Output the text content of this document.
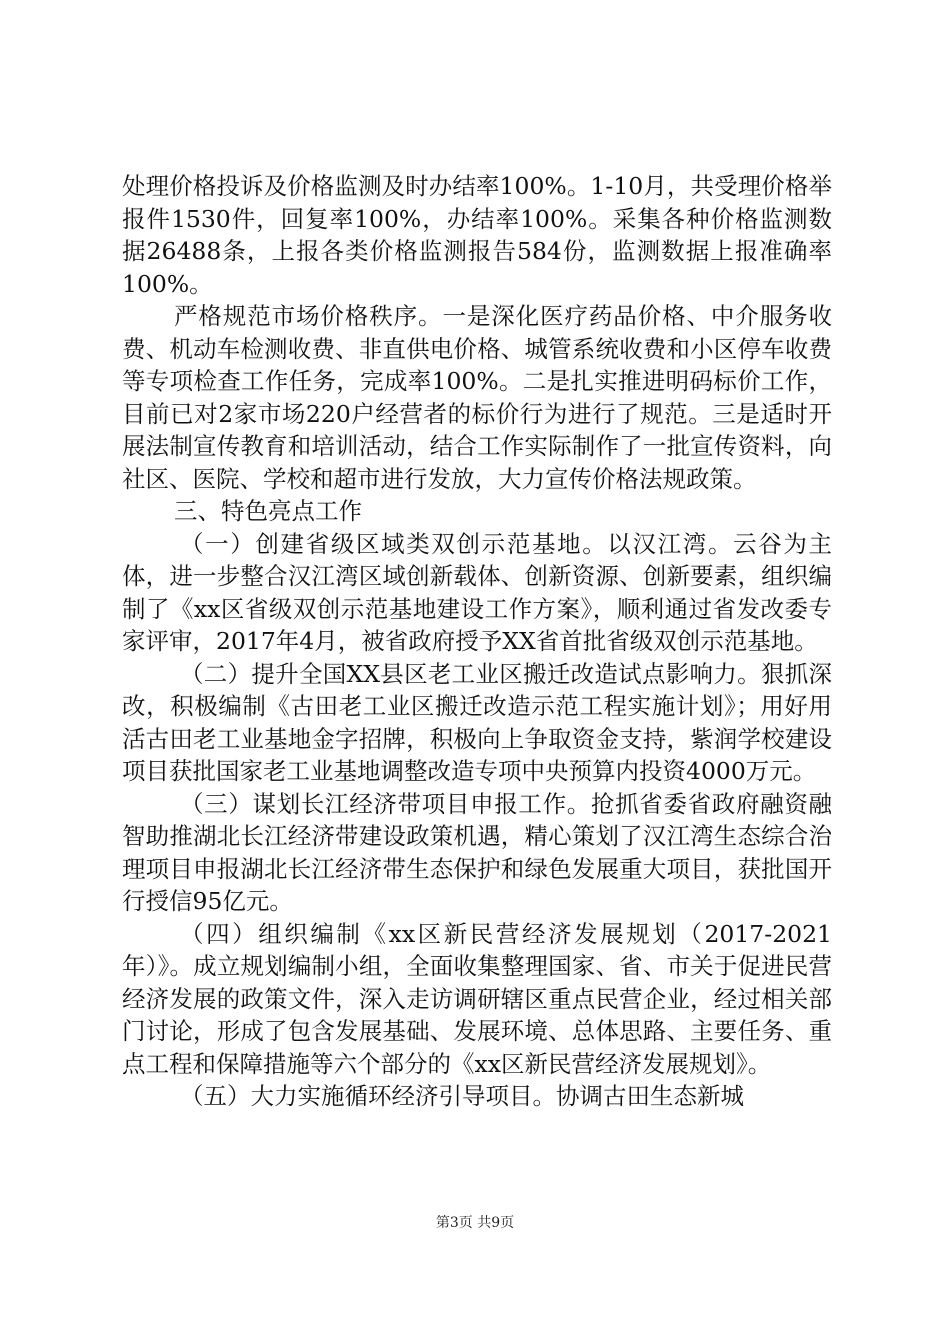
处理价格投诉及价格监测及时办结率100%。1-10月，共受理价格举报件1530件，回复率100%，办结率100%。采集各种价格监测数据26488条，上报各类价格监测报告584份，监测数据上报准确率100%。

严格规范市场价格秩序。一是深化医疗药品价格、中介服务收费、机动车检测收费、非直供电价格、城管系统收费和小区停车收费等专项检查工作任务，完成率100%。二是扎实推进明码标价工作，目前已对2家市场220户经营者的标价行为进行了规范。三是适时开展法制宣传教育和培训活动，结合工作实际制作了一批宣传资料，向社区、医院、学校和超市进行发放，大力宣传价格法规政策。

三、特色亮点工作

（一）创建省级区域类双创示范基地。以汉江湾。云谷为主体，进一步整合汉江湾区域创新载体、创新资源、创新要素，组织编制了《xx区省级双创示范基地建设工作方案》，顺利通过省发改委专家评审，2017年4月，被省政府授予XX省首批省级双创示范基地。

（二）提升全国XX县区老工业区搬迁改造试点影响力。狠抓深改，积极编制《古田老工业区搬迁改造示范工程实施计划》；用好用活古田老工业基地金字招牌，积极向上争取资金支持，紫润学校建设项目获批国家老工业基地调整改造专项中央预算内投资4000万元。

（三）谋划长江经济带项目申报工作。抢抓省委省政府融资融智助推湖北长江经济带建设政策机遇，精心策划了汉江湾生态综合治理项目申报湖北长江经济带生态保护和绿色发展重大项目，获批国开行授信95亿元。

（四）组织编制《xx区新民营经济发展规划（2017-2021年）》。成立规划编制小组，全面收集整理国家、省、市关于促进民营经济发展的政策文件，深入走访调研辖区重点民营企业，经过相关部门讨论，形成了包含发展基础、发展环境、总体思路、主要任务、重点工程和保障措施等六个部分的《xx区新民营经济发展规划》。

（五）大力实施循环经济引导项目。协调古田生态新城

第3页 共9页
